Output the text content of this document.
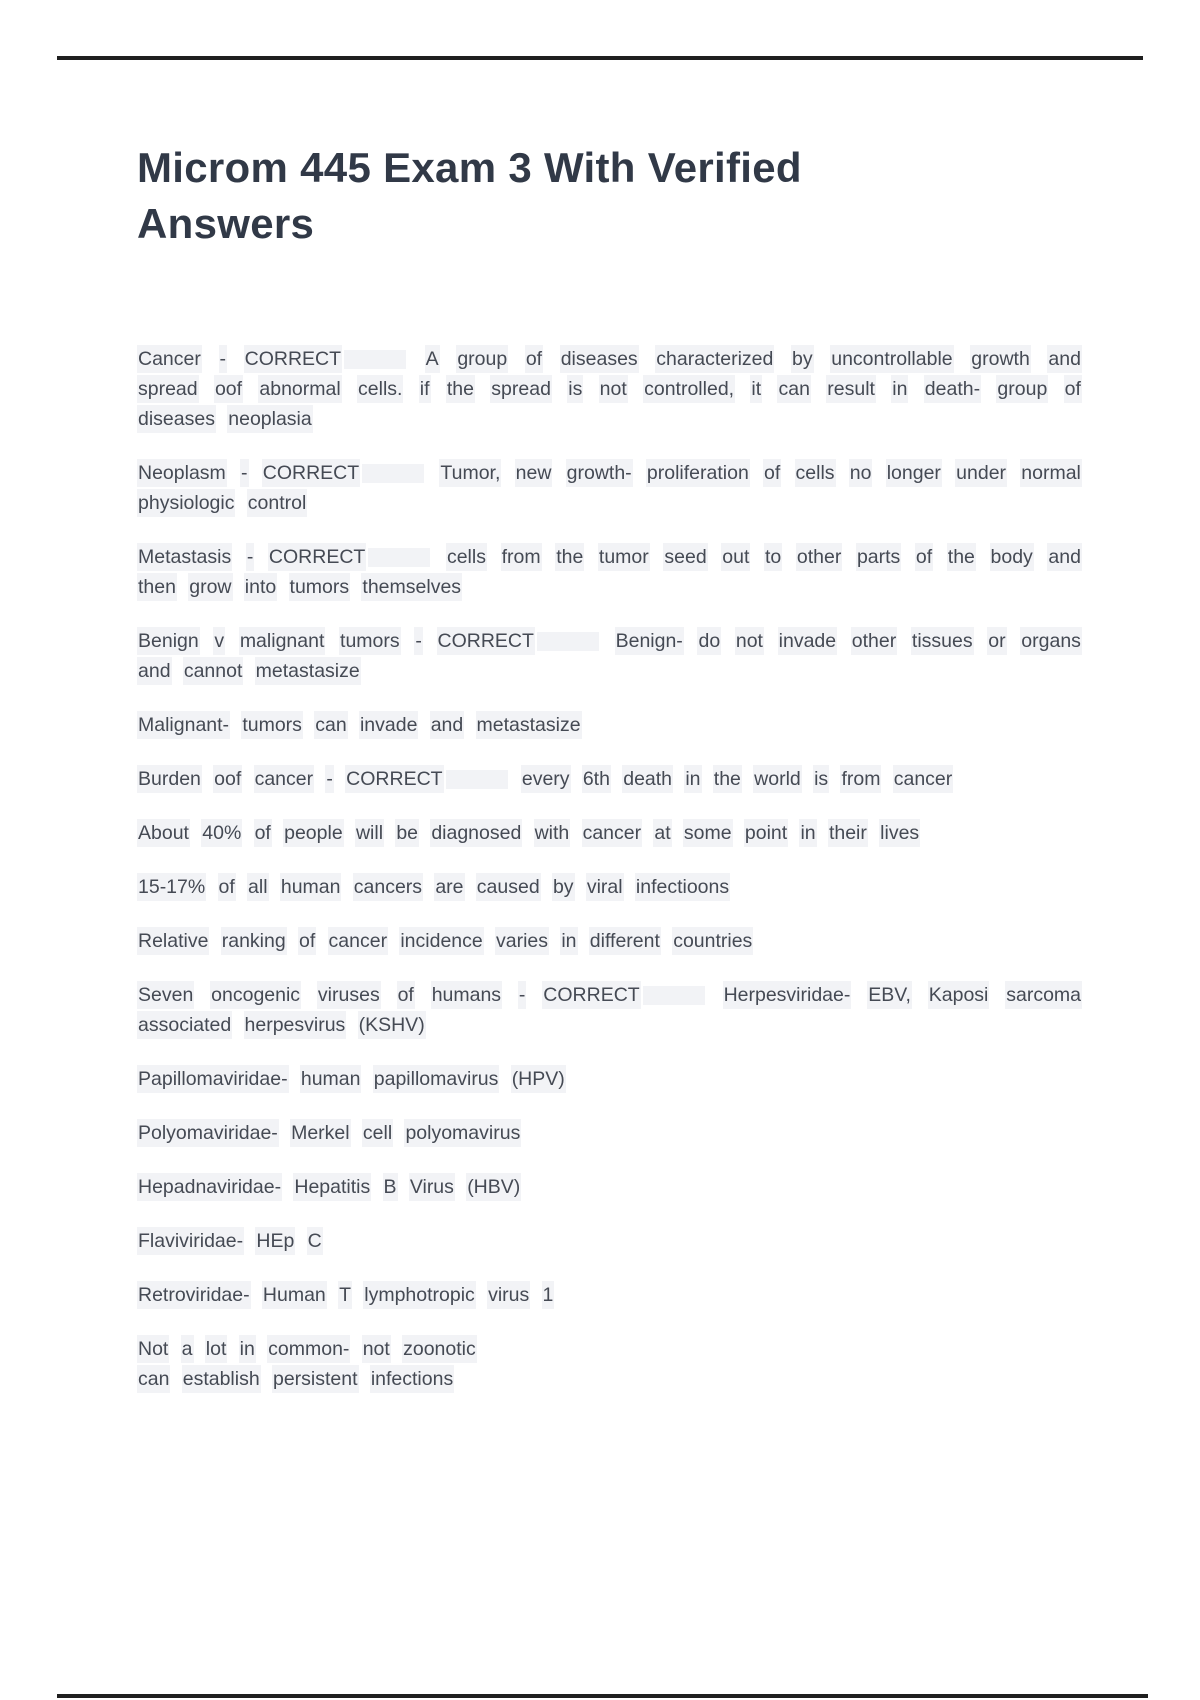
Microm 445 Exam 3 With Verified Answers

Cancer - CORRECT	A group of diseases characterized by uncontrollable growth and spread oof abnormal cells. if the spread is not controlled, it can result in death- group of diseases neoplasia

Neoplasm - CORRECT	Tumor, new growth- proliferation of cells no longer under normal physiologic control

Metastasis - CORRECT	cells from the tumor seed out to other parts of the body and then grow into tumors themselves

Benign v malignant tumors - CORRECT	Benign- do not invade other tissues or organs and cannot metastasize

Malignant- tumors can invade and metastasize

Burden oof cancer - CORRECT	every 6th death in the world is from cancer

About 40% of people will be diagnosed with cancer at some point in their lives

15-17% of all human cancers are caused by viral infectioons

Relative ranking of cancer incidence varies in different countries

Seven oncogenic viruses of humans - CORRECT	Herpesviridae- EBV, Kaposi sarcoma associated herpesvirus (KSHV)

Papillomaviridae- human papillomavirus (HPV)

Polyomaviridae- Merkel cell polyomavirus

Hepadnaviridae- Hepatitis B Virus (HBV)

Flaviviridae- HEp C

Retroviridae- Human T lymphotropic virus 1

Not a lot in common- not zoonotic
can establish persistent infections
